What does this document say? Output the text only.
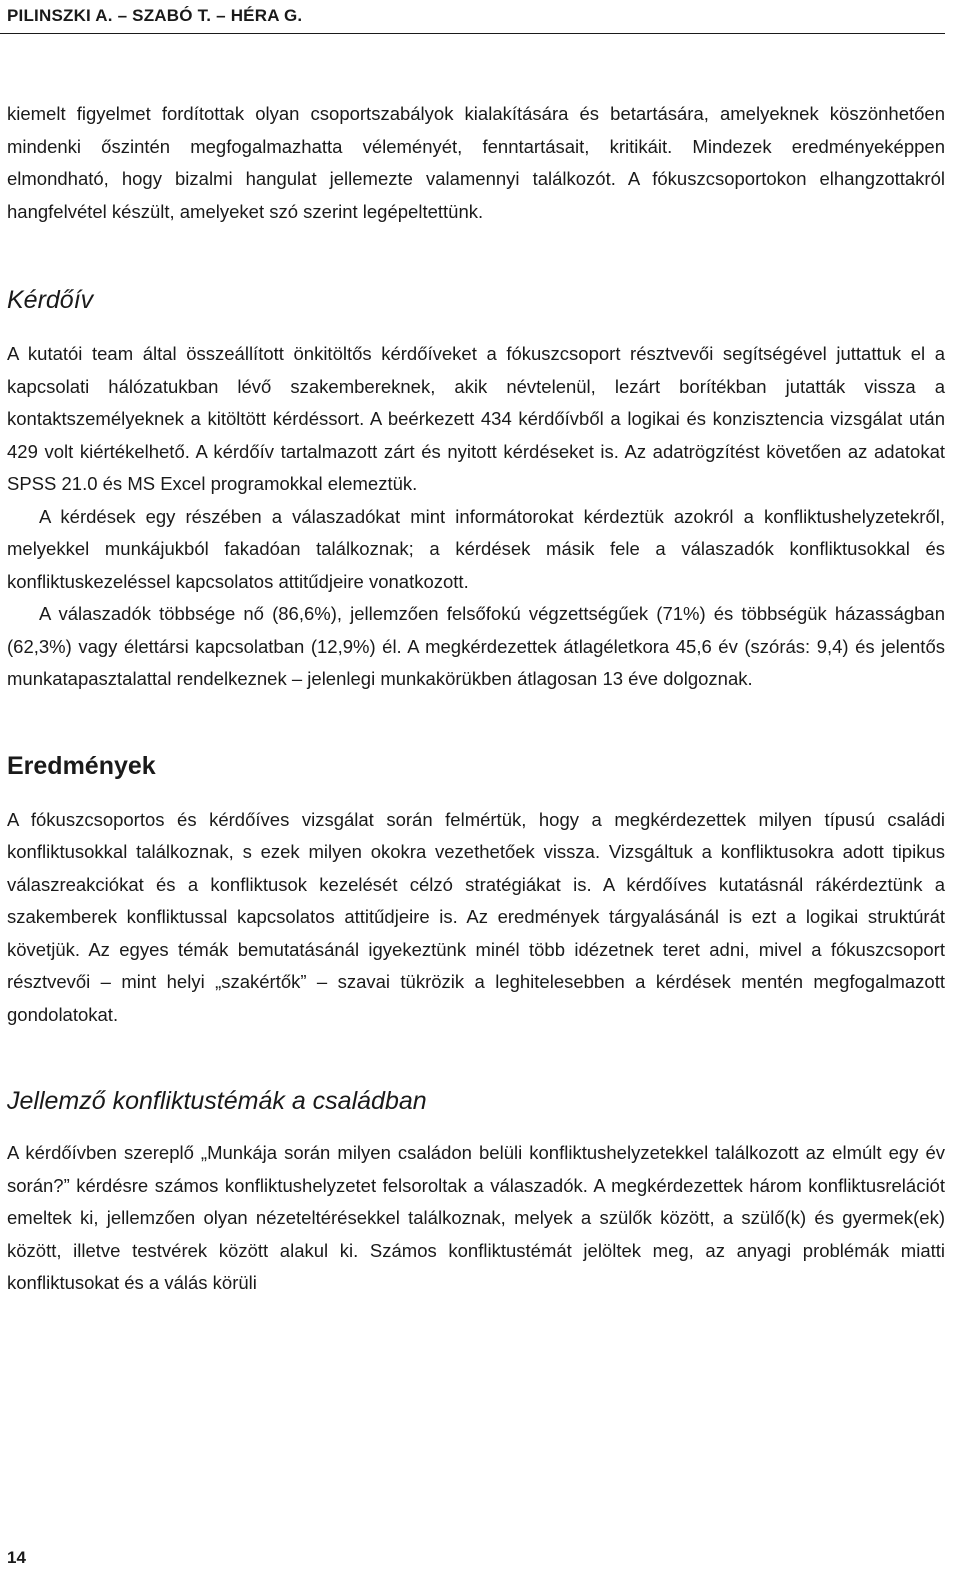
PILINSZKI A. – SZABÓ T. – HÉRA G.

kiemelt figyelmet fordítottak olyan csoportszabályok kialakítására és betartására, amelyeknek köszönhetően mindenki őszintén megfogalmazhatta véleményét, fenntartásait, kritikáit. Mindezek eredményeképpen elmondható, hogy bizalmi hangulat jellemezte valamennyi találkozót. A fókuszcsoportokon elhangzottakról hangfelvétel készült, amelyeket szó szerint legépeltettünk.

Kérdőív

A kutatói team által összeállított önkitöltős kérdőíveket a fókuszcsoport résztvevői segítségével juttattuk el a kapcsolati hálózatukban lévő szakembereknek, akik névtelenül, lezárt borítékban jutatták vissza a kontaktszemélyeknek a kitöltött kérdéssort. A beérkezett 434 kérdőívből a logikai és konzisztencia vizsgálat után 429 volt kiértékelhető. A kérdőív tartalmazott zárt és nyitott kérdéseket is. Az adatrögzítést követően az adatokat SPSS 21.0 és MS Excel programokkal elemeztük.

A kérdések egy részében a válaszadókat mint informátorokat kérdeztük azokról a konfliktushelyzetekről, melyekkel munkájukból fakadóan találkoznak; a kérdések másik fele a válaszadók konfliktusokkal és konfliktuskezeléssel kapcsolatos attitűdjeire vonatkozott.

A válaszadók többsége nő (86,6%), jellemzően felsőfokú végzettségűek (71%) és többségük házasságban (62,3%) vagy élettársi kapcsolatban (12,9%) él. A megkérdezettek átlagéletkora 45,6 év (szórás: 9,4) és jelentős munkatapasztalattal rendelkeznek – jelenlegi munkakörükben átlagosan 13 éve dolgoznak.

Eredmények

A fókuszcsoportos és kérdőíves vizsgálat során felmértük, hogy a megkérdezettek milyen típusú családi konfliktusokkal találkoznak, s ezek milyen okokra vezethetőek vissza. Vizsgáltuk a konfliktusokra adott tipikus válaszreakciókat és a konfliktusok kezelését célzó stratégiákat is. A kérdőíves kutatásnál rákérdeztünk a szakemberek konfliktussal kapcsolatos attitűdjeire is. Az eredmények tárgyalásánál is ezt a logikai struktúrát követjük. Az egyes témák bemutatásánál igyekeztünk minél több idézetnek teret adni, mivel a fókuszcsoport résztvevői – mint helyi „szakértők” – szavai tükrözik a leghitelesebben a kérdések mentén megfogalmazott gondolatokat.

Jellemző konfliktustémák a családban

A kérdőívben szereplő „Munkája során milyen családon belüli konfliktushelyzetekkel találkozott az elmúlt egy év során?” kérdésre számos konfliktushelyzetet felsoroltak a válaszadók. A megkérdezettek három konfliktusrelációt emeltek ki, jellemzően olyan nézeteltérésekkel találkoznak, melyek a szülők között, a szülő(k) és gyermek(ek) között, illetve testvérek között alakul ki. Számos konfliktustémát jelöltek meg, az anyagi problémák miatti konfliktusokat és a válás körüli

14
